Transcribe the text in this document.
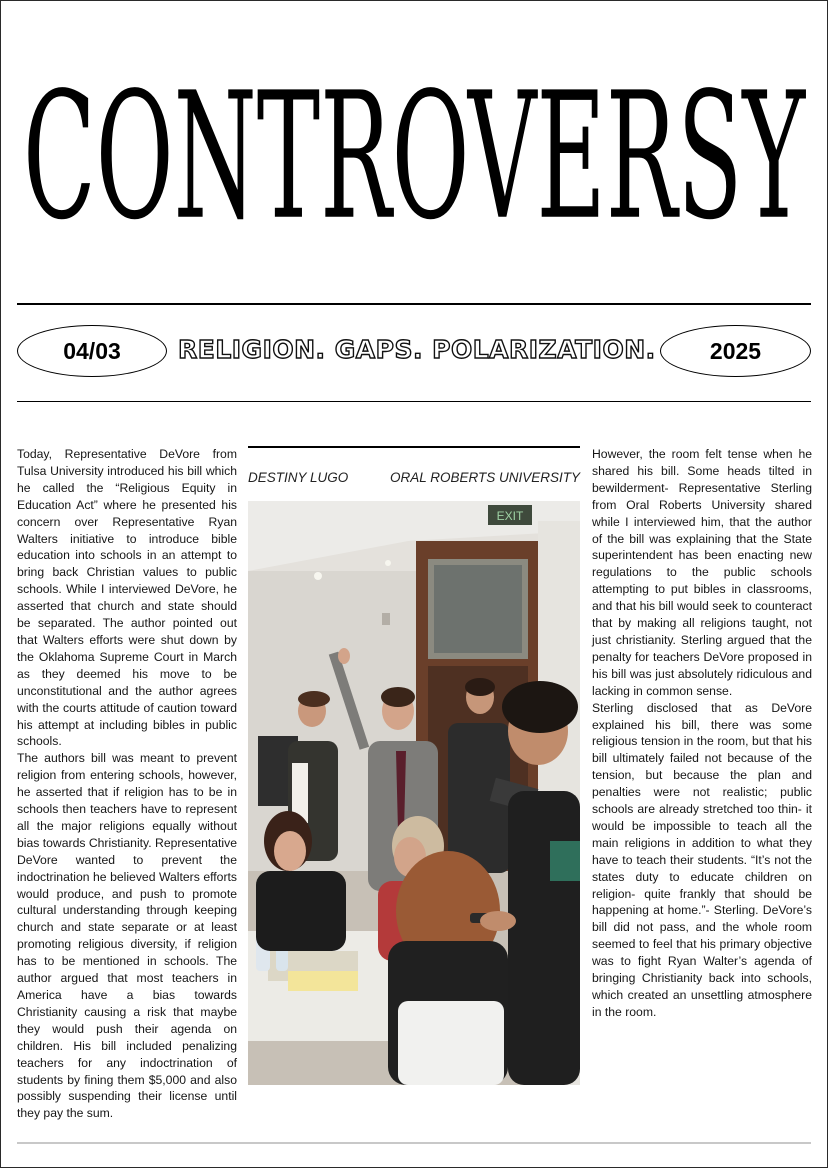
CONTROVERSY
04/03 RELIGION. GAPS. POLARIZATION. 2025

Today, Representative DeVore from Tulsa University introduced his bill which he called the “Religious Equity in Education Act” where he presented his concern over Representative Ryan Walters initiative to introduce bible education into schools in an attempt to bring back Christian values to public schools. While I interviewed DeVore, he asserted that church and state should be separated. The author pointed out that Walters efforts were shut down by the Oklahoma Supreme Court in March as they deemed his move to be unconstitutional and the author agrees with the courts attitude of caution toward his attempt at including bibles in public schools.

The authors bill was meant to prevent religion from entering schools, however, he asserted that if religion has to be in schools then teachers have to represent all the major religions equally without bias towards Christianity. Representative DeVore wanted to prevent the indoctrination he believed Walters efforts would produce, and push to promote cultural understanding through keeping church and state separate or at least promoting religious diversity, if religion has to be mentioned in schools. The author argued that most teachers in America have a bias towards Christianity causing a risk that maybe they would push their agenda on children. His bill included penalizing teachers for any indoctrination of students by fining them $5,000 and also possibly suspending their license until they pay the sum.

DESTINY LUGO	ORAL ROBERTS UNIVERSITY
EXIT

However, the room felt tense when he shared his bill. Some heads tilted in bewilderment- Representative Sterling from Oral Roberts University shared while I interviewed him, that the author of the bill was explaining that the State superintendent has been enacting new regulations to the public schools attempting to put bibles in classrooms, and that his bill would seek to counteract that by making all religions taught, not just christianity. Sterling argued that the penalty for teachers DeVore proposed in his bill was just absolutely ridiculous and lacking in common sense.

Sterling disclosed that as DeVore explained his bill, there was some religious tension in the room, but that his bill ultimately failed not because of the tension, but because the plan and penalties were not realistic; public schools are already stretched too thin- it would be impossible to teach all the main religions in addition to what they have to teach their students. “It’s not the states duty to educate children on religion- quite frankly that should be happening at home.”- Sterling. DeVore’s bill did not pass, and the whole room seemed to feel that his primary objective was to fight Ryan Walter’s agenda of bringing Christianity back into schools, which created an unsettling atmosphere in the room.
